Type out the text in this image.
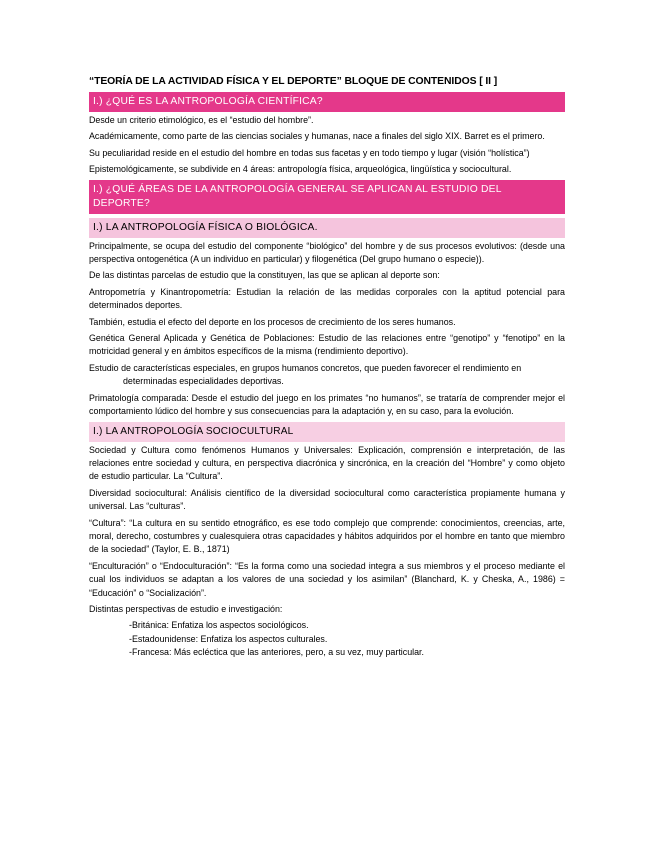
“TEORÍA DE LA ACTIVIDAD FÍSICA Y EL DEPORTE” BLOQUE DE CONTENIDOS [ II ]
I.) ¿QUÉ ES LA ANTROPOLOGÍA CIENTÍFICA?
Desde un criterio etimológico, es el “estudio del hombre”.
Académicamente, como parte de las ciencias sociales y humanas, nace a finales del siglo XIX. Barret es el primero.
Su peculiaridad reside en el estudio del hombre en todas sus facetas y en todo tiempo y lugar (visión “holística”)
Epistemológicamente, se subdivide en 4 áreas: antropología física, arqueológica, lingüística y sociocultural.
I.) ¿QUÉ ÁREAS DE LA ANTROPOLOGÍA GENERAL SE APLICAN AL ESTUDIO DEL DEPORTE?
I.) LA ANTROPOLOGÍA FÍSICA O BIOLÓGICA.
Principalmente, se ocupa del estudio del componente “biológico” del hombre y de sus procesos evolutivos: (desde una perspectiva ontogenética (A un individuo en particular) y filogenética (Del grupo humano o especie)).
De las distintas parcelas de estudio que la constituyen, las que se aplican al deporte son:
Antropometría y Kinantropometría: Estudian la relación de las medidas corporales con la aptitud potencial para determinados deportes.
También, estudia el efecto del deporte en los procesos de crecimiento de los seres humanos.
Genética General Aplicada y Genética de Poblaciones: Estudio de las relaciones entre “genotipo” y “fenotipo” en la motricidad general y en ámbitos específicos de la misma (rendimiento deportivo).
Estudio de características especiales, en grupos humanos concretos, que pueden favorecer el rendimiento en
determinadas especialidades deportivas.
Primatología comparada: Desde el estudio del juego en los primates “no humanos”, se trataría de comprender mejor el comportamiento lúdico del hombre y sus consecuencias para la adaptación y, en su caso, para la evolución.
I.) LA ANTROPOLOGÍA SOCIOCULTURAL
Sociedad y Cultura como fenómenos Humanos y Universales: Explicación, comprensión e interpretación, de las relaciones entre sociedad y cultura, en perspectiva diacrónica y sincrónica, en la creación del “Hombre” y como objeto de estudio particular. La “Cultura”.
Diversidad sociocultural: Análisis científico de la diversidad sociocultural como característica propiamente humana y universal. Las “culturas”.
“Cultura”: “La cultura en su sentido etnográfico, es ese todo complejo que comprende: conocimientos, creencias, arte, moral, derecho, costumbres y cualesquiera otras capacidades y hábitos adquiridos por el hombre en tanto que miembro de la sociedad” (Taylor, E. B., 1871)
“Enculturación” o “Endoculturación”: “Es la forma como una sociedad integra a sus miembros y el proceso mediante el cual los individuos se adaptan a los valores de una sociedad y los asimilan” (Blanchard, K. y Cheska, A., 1986) = “Educación” o “Socialización”.
Distintas perspectivas de estudio e investigación:
-Británica: Enfatiza los aspectos sociológicos.
-Estadounidense: Enfatiza los aspectos culturales.
-Francesa: Más ecléctica que las anteriores, pero, a su vez, muy particular.
